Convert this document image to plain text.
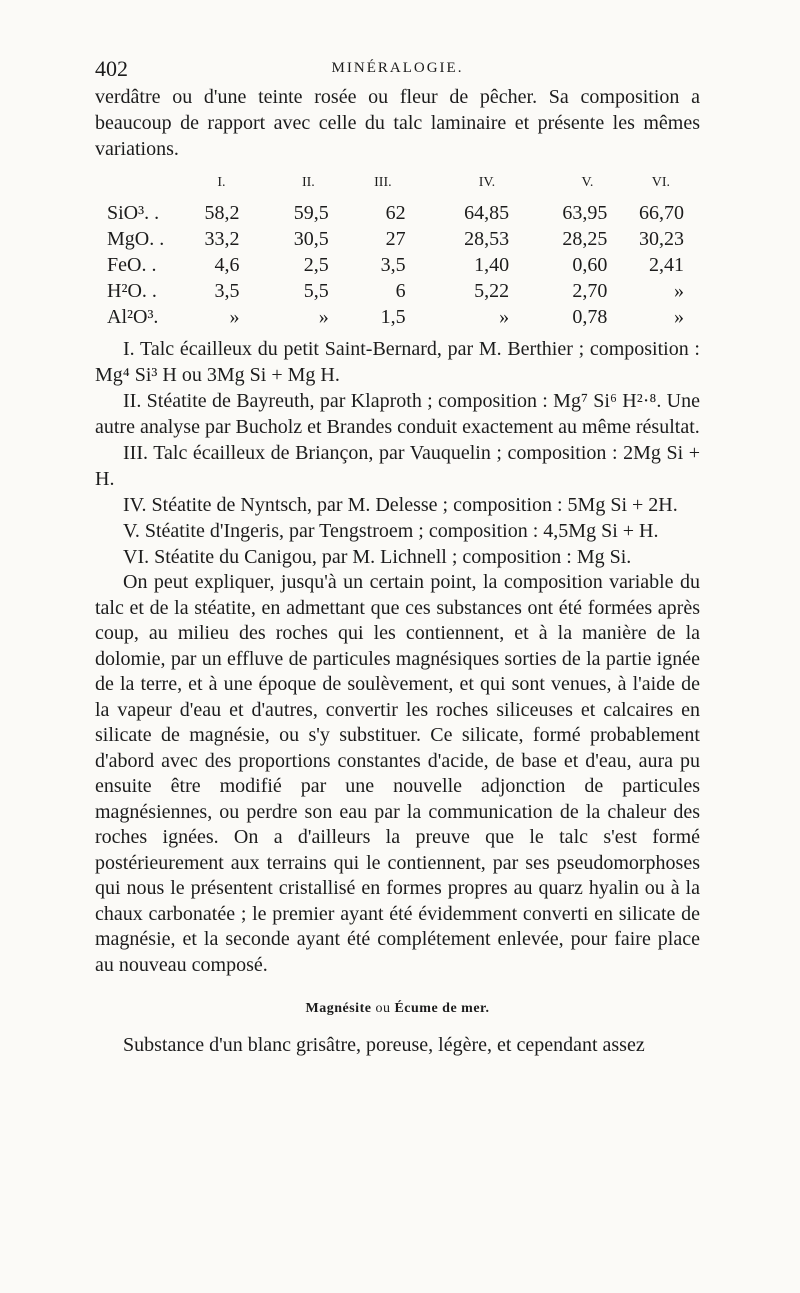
402	MINÉRALOGIE.

verdâtre ou d'une teinte rosée ou fleur de pêcher. Sa composition a beaucoup de rapport avec celle du talc laminaire et présente les mêmes variations.

	I.	II.	III.	IV.	V.	VI.
SiO³. .	58,2	59,5	62	64,85	63,95	66,70
MgO. .	33,2	30,5	27	28,53	28,25	30,23
FeO. .	4,6	2,5	3,5	1,40	0,60	2,41
H²O. .	3,5	5,5	6	5,22	2,70	»
Al²O³.	»	»	1,5	»	0,78	»

I. Talc écailleux du petit Saint-Bernard, par M. Berthier ; composition : Mg⁴ Si³ H ou 3Mg Si + Mg H.

II. Stéatite de Bayreuth, par Klaproth ; composition : Mg⁷ Si⁶ H²·⁸. Une autre analyse par Bucholz et Brandes conduit exactement au même résultat.

III. Talc écailleux de Briançon, par Vauquelin ; composition : 2Mg Si + H.

IV. Stéatite de Nyntsch, par M. Delesse ; composition : 5Mg Si + 2H.

V. Stéatite d'Ingeris, par Tengstroem ; composition : 4,5Mg Si + H.

VI. Stéatite du Canigou, par M. Lichnell ; composition : Mg Si.

On peut expliquer, jusqu'à un certain point, la composition variable du talc et de la stéatite, en admettant que ces substances ont été formées après coup, au milieu des roches qui les contiennent, et à la manière de la dolomie, par un effluve de particules magnésiques sorties de la partie ignée de la terre, et à une époque de soulèvement, et qui sont venues, à l'aide de la vapeur d'eau et d'autres, convertir les roches siliceuses et calcaires en silicate de magnésie, ou s'y substituer. Ce silicate, formé probablement d'abord avec des proportions constantes d'acide, de base et d'eau, aura pu ensuite être modifié par une nouvelle adjonction de particules magnésiennes, ou perdre son eau par la communication de la chaleur des roches ignées. On a d'ailleurs la preuve que le talc s'est formé postérieurement aux terrains qui le contiennent, par ses pseudomorphoses qui nous le présentent cristallisé en formes propres au quarz hyalin ou à la chaux carbonatée ; le premier ayant été évidemment converti en silicate de magnésie, et la seconde ayant été complétement enlevée, pour faire place au nouveau composé.

Magnésite ou Écume de mer.

Substance d'un blanc grisâtre, poreuse, légère, et cependant assez
